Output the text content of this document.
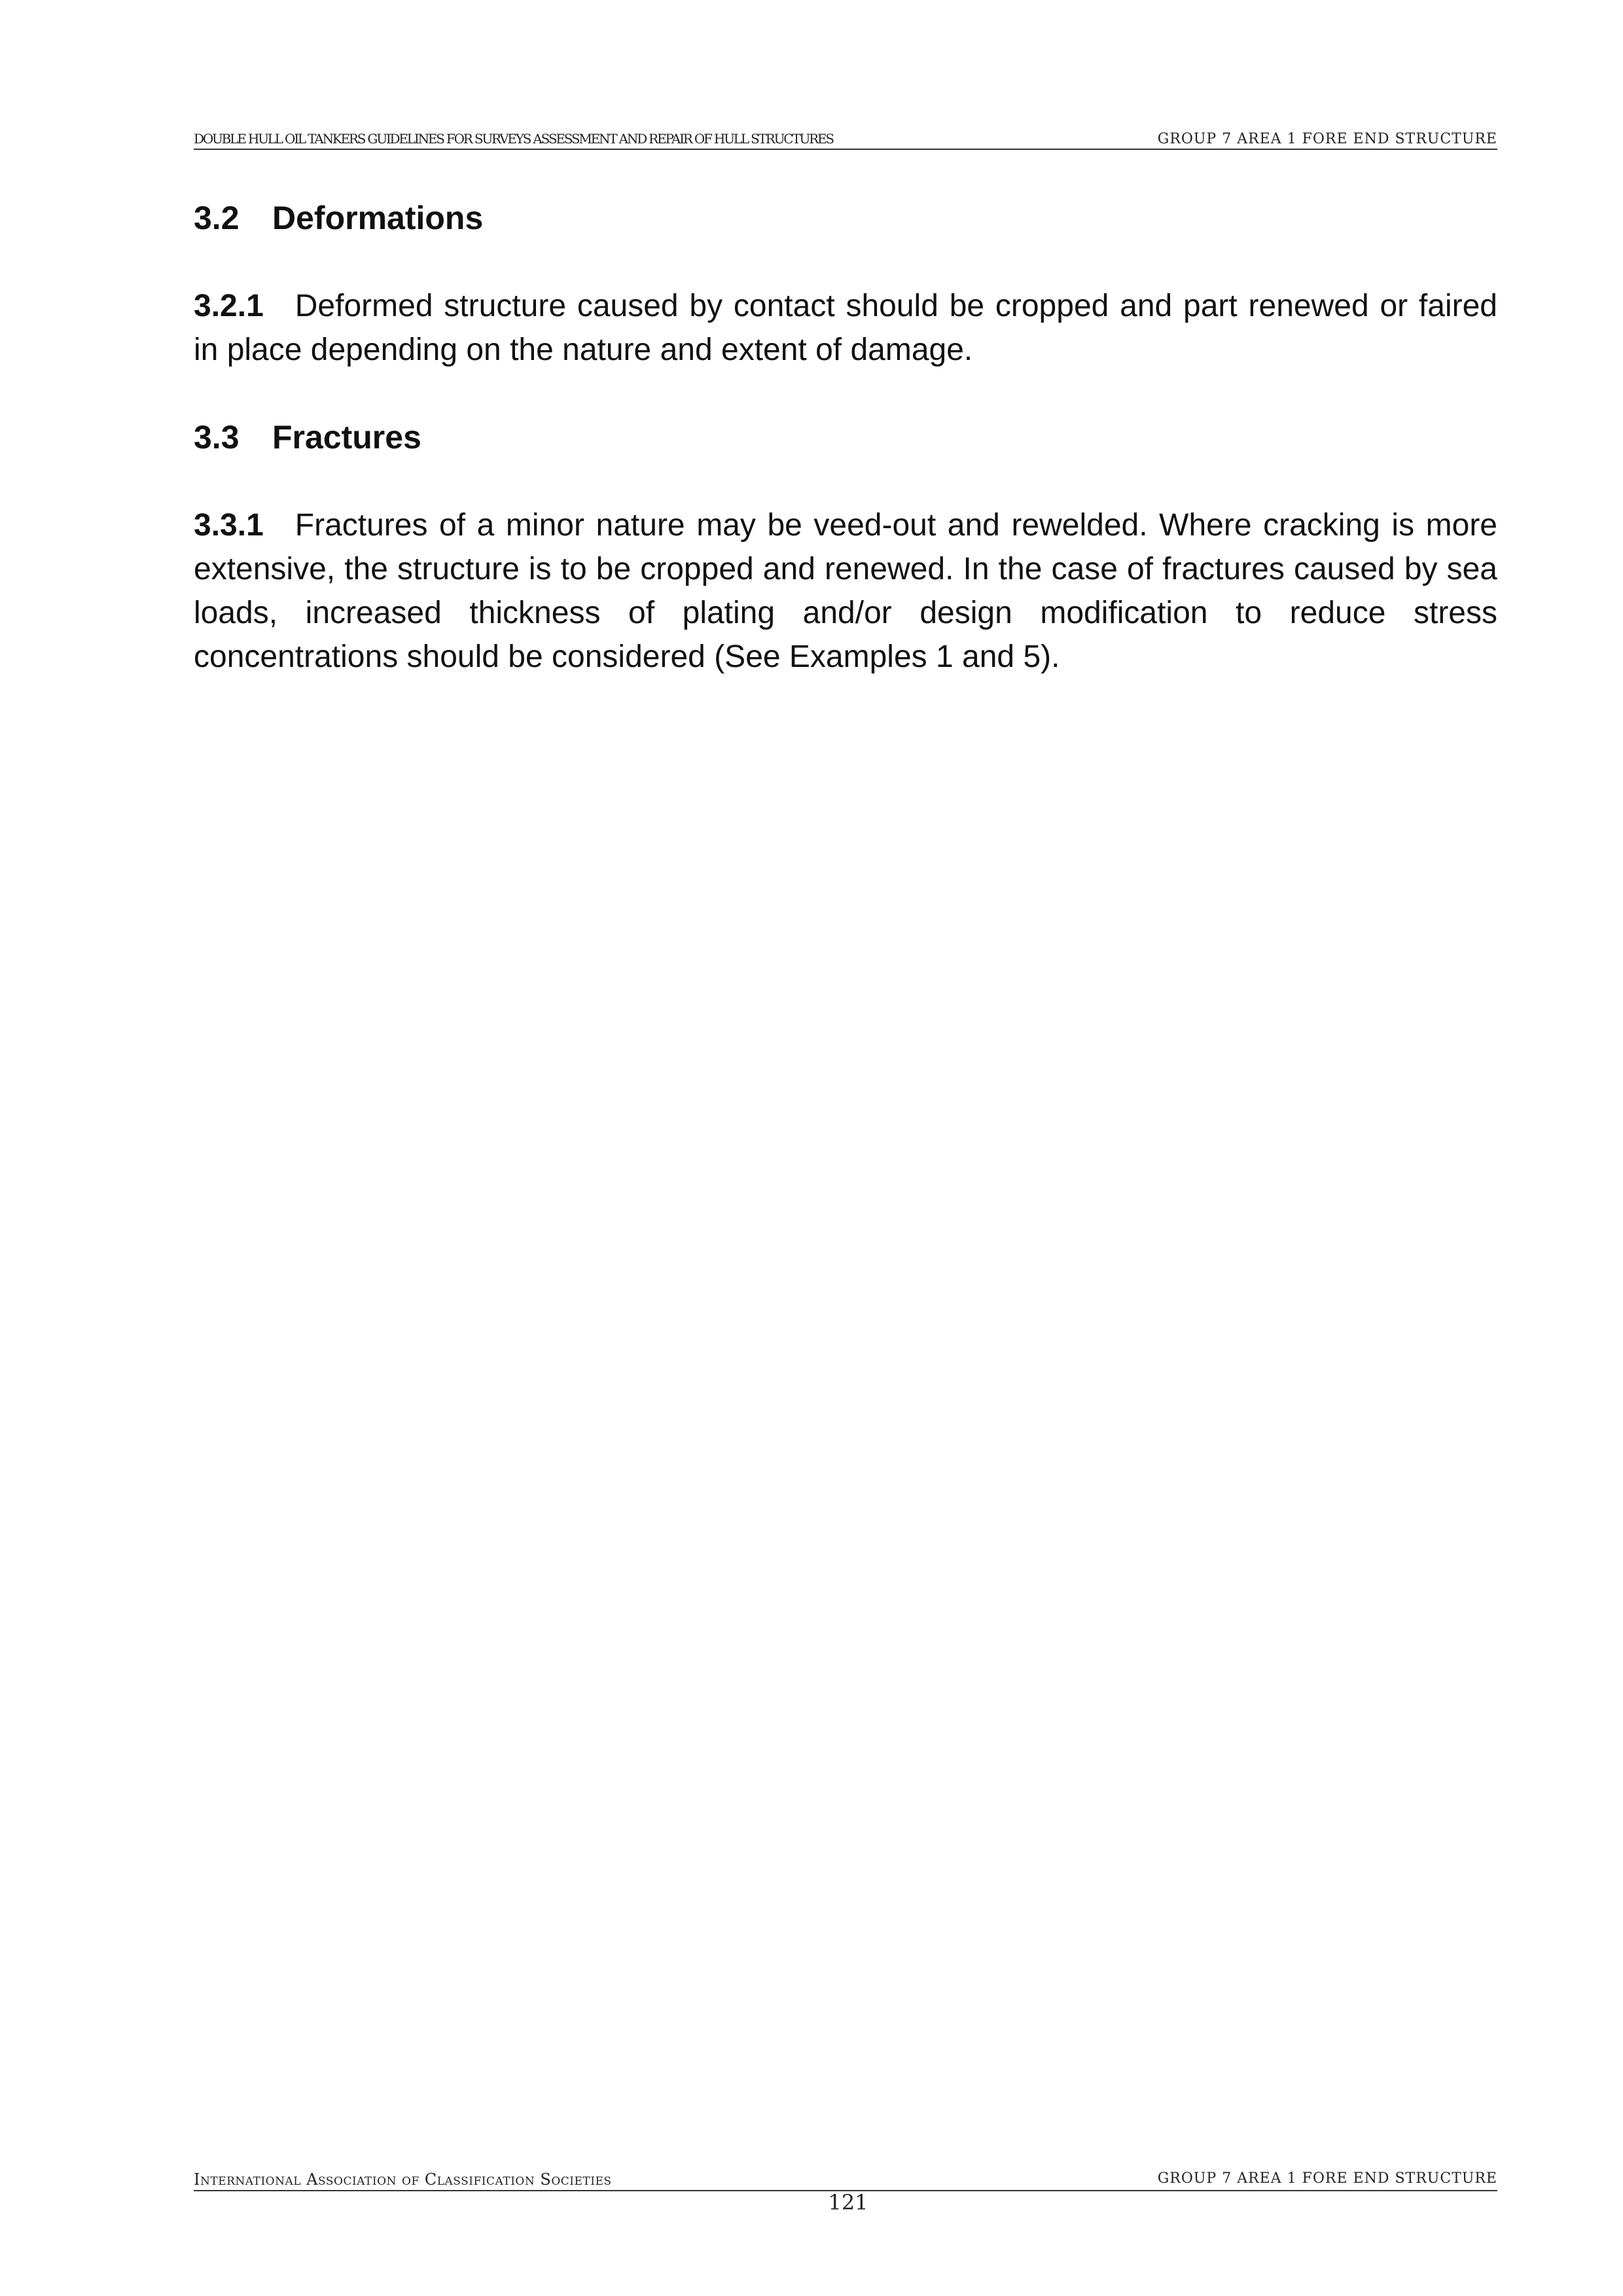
DOUBLE HULL OIL TANKERS GUIDELINES FOR SURVEYS ASSESSMENT AND REPAIR OF HULL STRUCTURES	GROUP 7 AREA 1 FORE END STRUCTURE
3.2 Deformations

3.2.1 Deformed structure caused by contact should be cropped and part renewed or faired in place depending on the nature and extent of damage.

3.3 Fractures

3.3.1 Fractures of a minor nature may be veed-out and rewelded. Where cracking is more extensive, the structure is to be cropped and renewed. In the case of fractures caused by sea loads, increased thickness of plating and/or design modification to reduce stress concentrations should be considered (See Examples 1 and 5).

International Association of Classification Societies	GROUP 7 AREA 1 FORE END STRUCTURE
121
